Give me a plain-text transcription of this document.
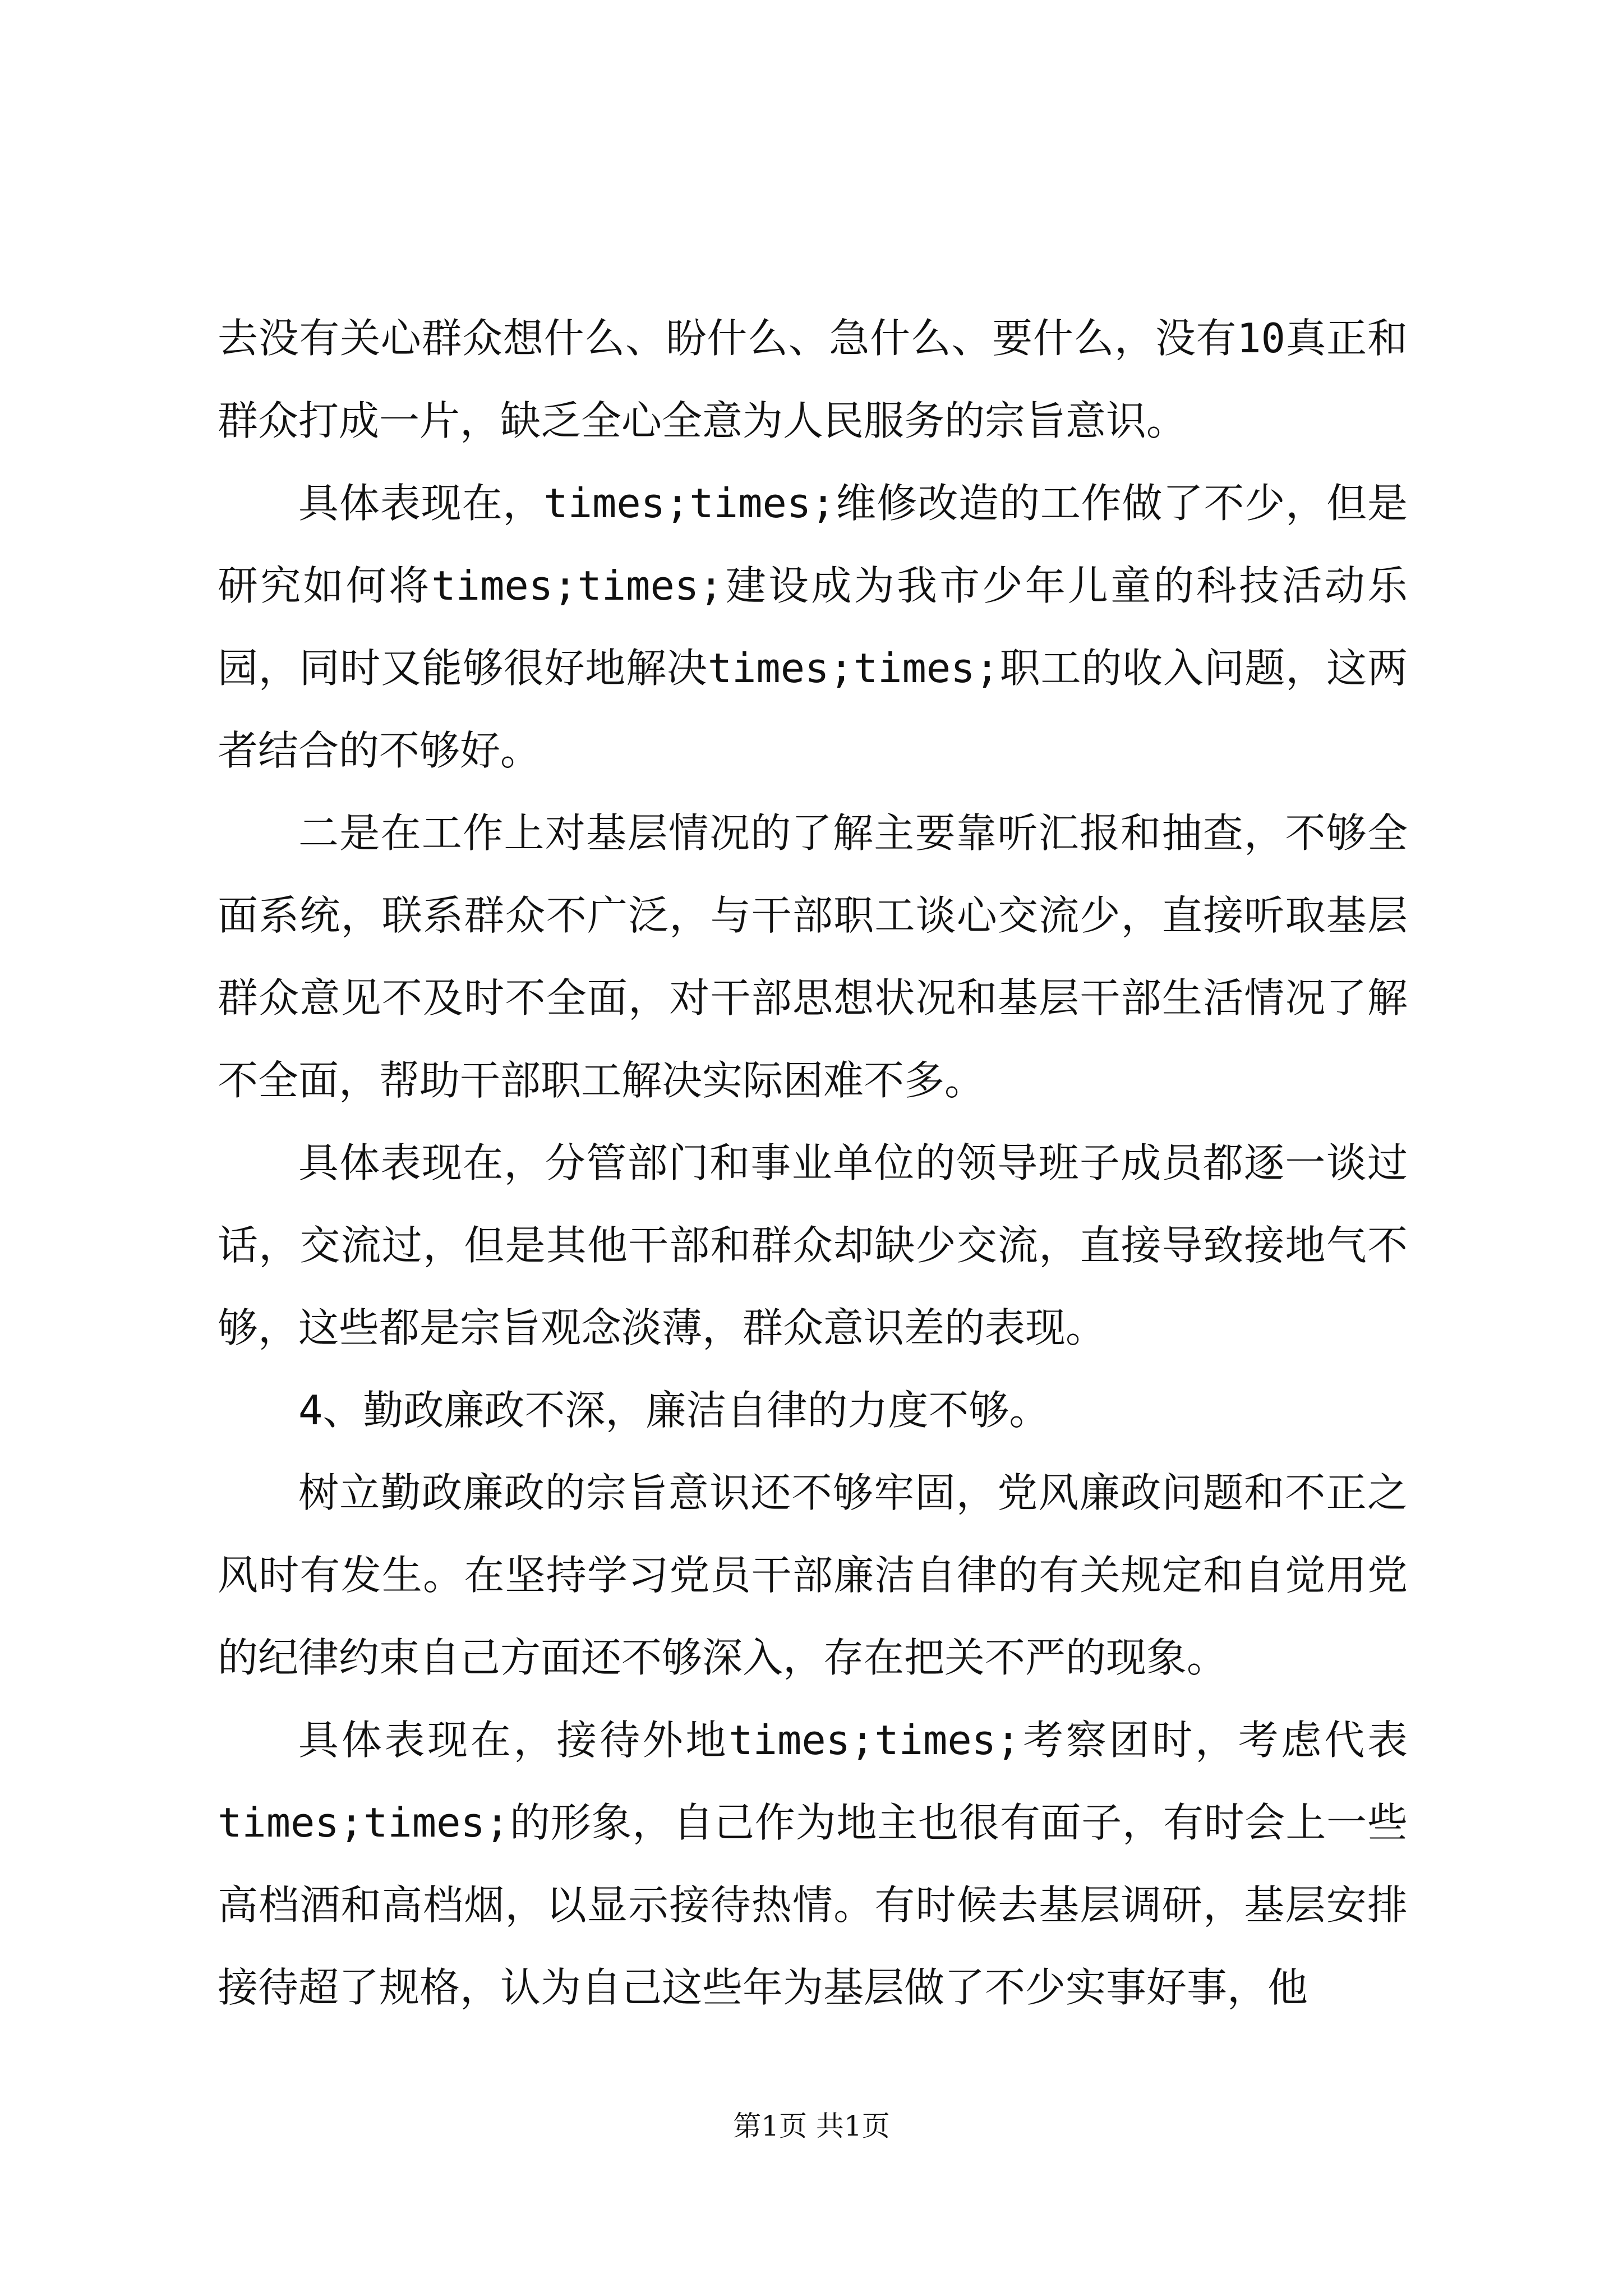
去没有关心群众想什么、盼什么、急什么、要什么，没有10真正和群众打成一片，缺乏全心全意为人民服务的宗旨意识。

具体表现在，times;times;维修改造的工作做了不少，但是研究如何将times;times;建设成为我市少年儿童的科技活动乐园，同时又能够很好地解决times;times;职工的收入问题，这两者结合的不够好。

二是在工作上对基层情况的了解主要靠听汇报和抽查，不够全面系统，联系群众不广泛，与干部职工谈心交流少，直接听取基层群众意见不及时不全面，对干部思想状况和基层干部生活情况了解不全面，帮助干部职工解决实际困难不多。

具体表现在，分管部门和事业单位的领导班子成员都逐一谈过话，交流过，但是其他干部和群众却缺少交流，直接导致接地气不够，这些都是宗旨观念淡薄，群众意识差的表现。

4、勤政廉政不深，廉洁自律的力度不够。

树立勤政廉政的宗旨意识还不够牢固，党风廉政问题和不正之风时有发生。在坚持学习党员干部廉洁自律的有关规定和自觉用党的纪律约束自己方面还不够深入，存在把关不严的现象。

具体表现在，接待外地times;times;考察团时，考虑代表times;times;的形象，自己作为地主也很有面子，有时会上一些高档酒和高档烟，以显示接待热情。有时候去基层调研，基层安排接待超了规格，认为自己这些年为基层做了不少实事好事，他

第1页 共1页
